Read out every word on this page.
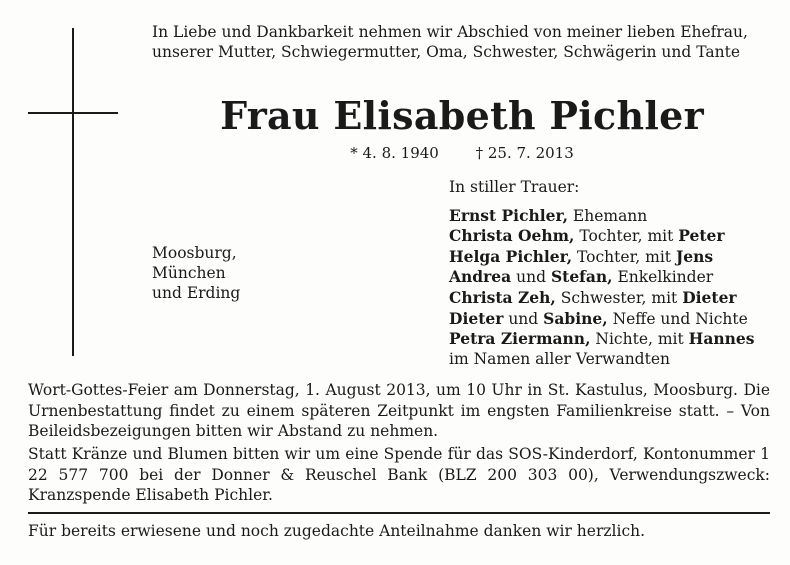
In Liebe und Dankbarkeit nehmen wir Abschied von meiner lieben Ehefrau, unserer Mutter, Schwiegermutter, Oma, Schwester, Schwägerin und Tante

Frau Elisabeth Pichler

* 4. 8. 1940 † 25. 7. 2013

Moosburg,
München
und Erding
In stiller Trauer:
Ernst Pichler, Ehemann
Christa Oehm, Tochter, mit Peter
Helga Pichler, Tochter, mit Jens
Andrea und Stefan, Enkelkinder
Christa Zeh, Schwester, mit Dieter
Dieter und Sabine, Neffe und Nichte
Petra Ziermann, Nichte, mit Hannes
im Namen aller Verwandten

Wort-Gottes-Feier am Donnerstag, 1. August 2013, um 10 Uhr in St. Kastulus, Moosburg. Die Urnenbestattung findet zu einem späteren Zeitpunkt im engsten Familienkreise statt. – Von Beileidsbezeigungen bitten wir Abstand zu nehmen.

Statt Kränze und Blumen bitten wir um eine Spende für das SOS-Kinderdorf, Kontonummer 1 22 577 700 bei der Donner & Reuschel Bank (BLZ 200 303 00), Verwendungszweck: Kranzspende Elisabeth Pichler.

Für bereits erwiesene und noch zugedachte Anteilnahme danken wir herzlich.
